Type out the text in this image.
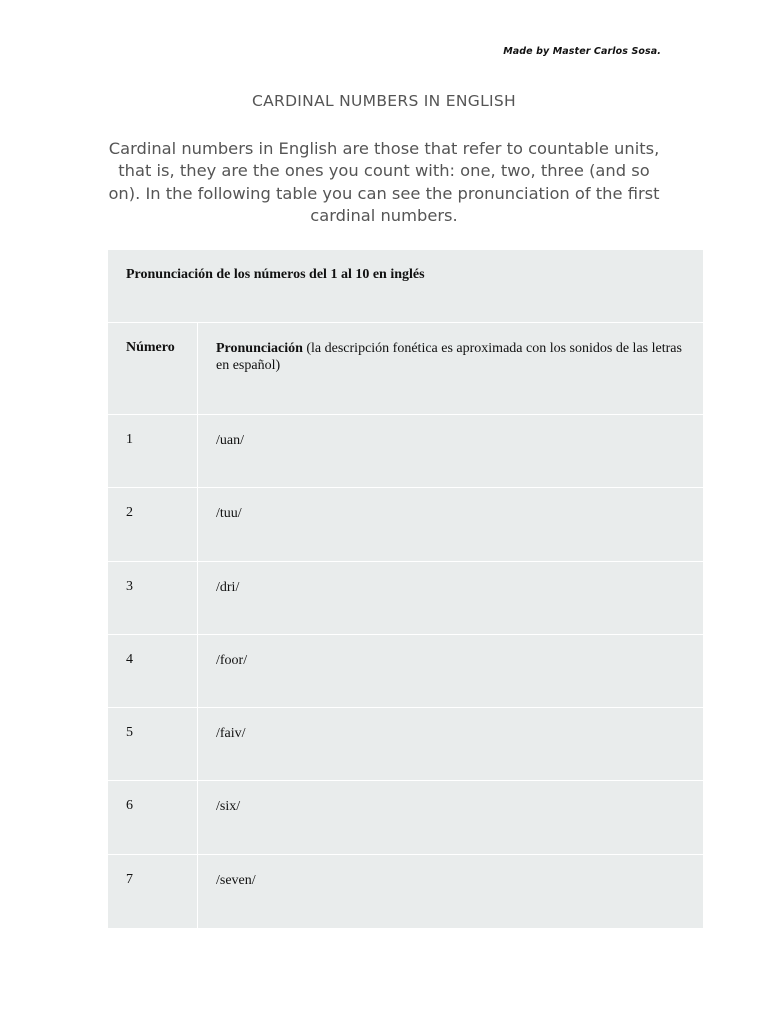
Made by Master Carlos Sosa.
CARDINAL NUMBERS IN ENGLISH
Cardinal numbers in English are those that refer to countable units, that is, they are the ones you count with: one, two, three (and so on). In the following table you can see the pronunciation of the first cardinal numbers.
Pronunciación de los números del 1 al 10 en inglés
Número	Pronunciación (la descripción fonética es aproximada con los sonidos de las letras en español)
1	/uan/
2	/tuu/
3	/dri/
4	/foor/
5	/faiv/
6	/six/
7	/seven/
